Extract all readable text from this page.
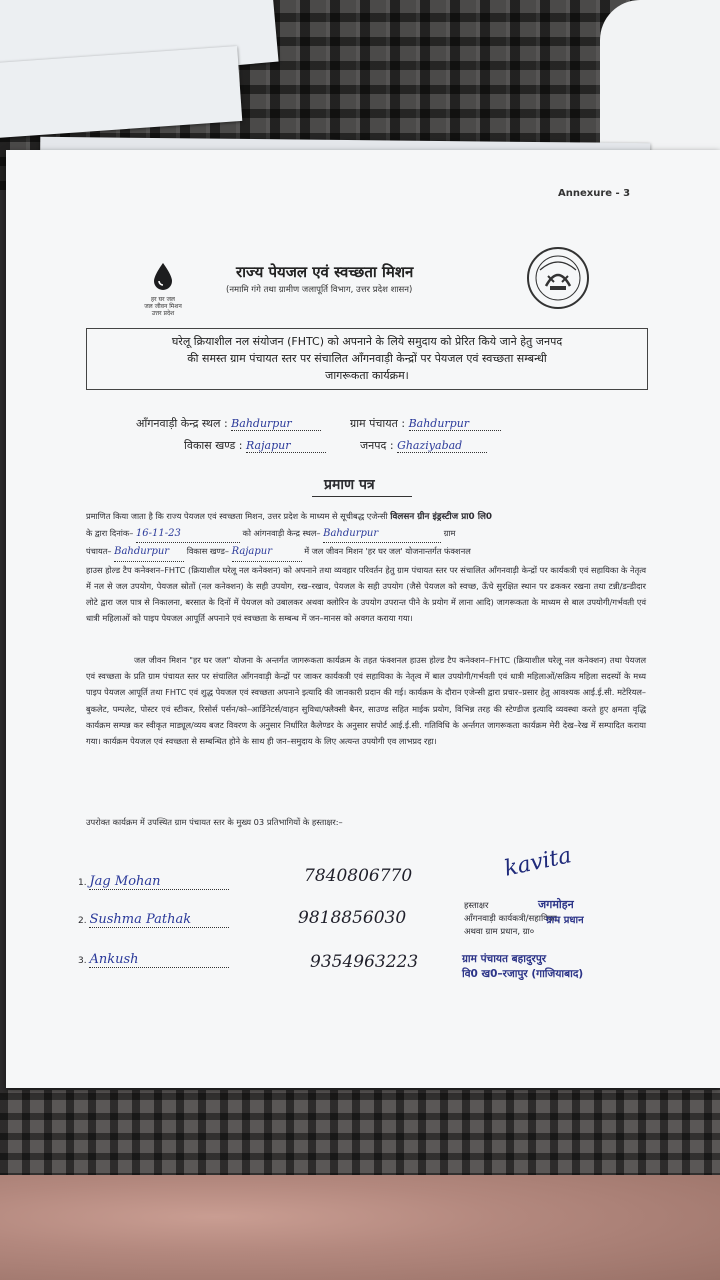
Annexure - 3
हर घर जल
जल जीवन मिशन
उत्तर प्रदेश
राज्य पेयजल एवं स्वच्छता मिशन
(नमामि गंगे तथा ग्रामीण जलापूर्ति विभाग, उत्तर प्रदेश शासन)
घरेलू क्रियाशील नल संयोजन (FHTC) को अपनाने के लिये समुदाय को प्रेरित किये जाने हेतु जनपद
की समस्त ग्राम पंचायत स्तर पर संचालित आँगनवाड़ी केन्द्रों पर पेयजल एवं स्वच्छता सम्बन्धी
जागरूकता कार्यक्रम।
आँगनवाड़ी केन्द्र स्थल : Bahdurpur	ग्राम पंचायत : Bahdurpur
विकास खण्ड : Rajapur	जनपद : Ghaziyabad
प्रमाण पत्र
प्रमाणित किया जाता है कि राज्य पेयजल एवं स्वच्छता मिशन, उत्तर प्रदेश के माध्यम से सूचीबद्ध एजेन्सी विलसन ग्रीन इंड्रस्टीज प्रा0 लि0
के द्वारा दिनांक– 16-11-23	को आंगनवाड़ी केन्द्र स्थल– Bahdurpur	ग्राम
पंचायत– Bahdurpur विकास खण्ड– Rajapur	में जल जीवन मिशन 'हर घर जल' योजनान्तर्गत फंक्शनल
हाउस होल्ड टैप कनेक्शन–FHTC (क्रियाशील घरेलू नल कनेक्शन) को अपनाने तथा व्यवहार परिवर्तन हेतु ग्राम पंचायत स्तर पर संचालित आँगनवाड़ी केन्द्रों पर कार्यकत्री एवं सहायिका के नेतृत्व में नल से जल उपयोग, पेयजल स्रोतों (नल कनेक्शन) के सही उपयोग, रख–रखाव, पेयजल के सही उपयोग (जैसे पेयजल को स्वच्छ, ऊँचे सुरक्षित स्थान पर ढककर रखना तथा टन्नी/डन्डीदार लोटे द्वारा जल पात्र से निकालना, बरसात के दिनों में पेयजल को उबालकर अथवा क्लोरिन के उपयोग उपरान्त पीने के प्रयोग में लाना आदि) जागरूकता के माध्यम से बाल उपयोगी/गर्भवती एवं धात्री महिलाओं को पाइप पेयजल आपूर्ति अपनाने एवं स्वच्छता के सम्बन्ध में जन–मानस को अवगत कराया गया।
जल जीवन मिशन "हर घर जल" योजना के अन्तर्गत जागरूकता कार्यक्रम के तहत फंक्शनल हाउस होल्ड टैप कनेक्शन–FHTC (क्रियाशील घरेलू नल कनेक्शन) तथा पेयजल एवं स्वच्छता के प्रति ग्राम पंचायत स्तर पर संचालित आँगनवाड़ी केन्द्रों पर जाकर कार्यकत्री एवं सहायिका के नेतृत्व में बाल उपयोगी/गर्भवती एवं धात्री महिलाओं/सक्रिय महिला सदस्यों के मध्य पाइप पेयजल आपूर्ति तथा FHTC एवं शुद्ध पेयजल एवं स्वच्छता अपनाने इत्यादि की जानकारी प्रदान की गई। कार्यक्रम के दौरान एजेन्सी द्वारा प्रचार–प्रसार हेतु आवश्यक आई.ई.सी. मटेरियल–बुकलेट, पम्पलेट, पोस्टर एवं स्टीकर, रिसोर्स पर्सन/को–आर्डिनेटर्स/वाहन सुविधा/फ्लैक्सी बैनर, साउण्ड सहित माईक प्रयोग, विभिन्न तरह की स्टेण्डीज इत्यादि व्यवस्था करते हुए क्षमता वृद्धि कार्यक्रम सम्पन्न कर स्वीकृत माड्यूल/व्यय बजट विवरण के अनुसार निर्धारित कैलेण्डर के अनुसार सपोर्ट आई.ई.सी. गतिविधि के अर्न्तगत जागरूकता कार्यक्रम मेरी देख–रेख में सम्पादित कराया गया। कार्यक्रम पेयजल एवं स्वच्छता से सम्बन्धित होने के साथ ही जन–समुदाय के लिए अत्यन्त उपयोगी एव लाभप्रद रहा।
उपरोक्त कार्यक्रम में उपस्थित ग्राम पंचायत स्तर के मुख्य 03 प्रतिभागियों के हस्ताक्षर:–
1. Jag Mohan	7840806770
2. Sushma Pathak	9818856030
3. Ankush	9354963223
kavita
हस्ताक्षर
आँगनवाड़ी कार्यकत्री/सहायिका,
अथवा ग्राम प्रधान, ग्रा०
जगमोहन
ग्राम प्रधान
ग्राम पंचायत बहादुरपुर
वि0 ख0–रजापुर (गाजियाबाद)
